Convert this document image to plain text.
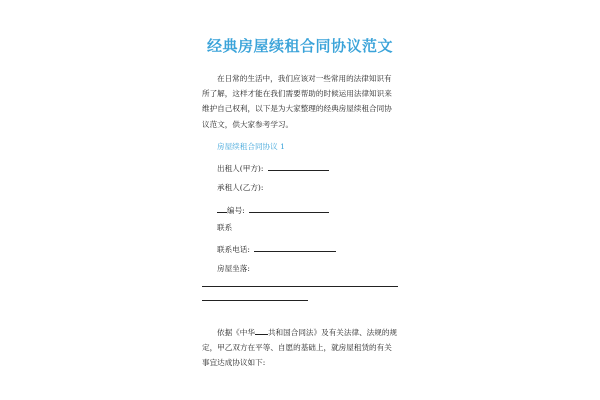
经典房屋续租合同协议范文

在日常的生活中，我们应该对一些常用的法律知识有所了解，这样才能在我们需要帮助的时候运用法律知识来维护自己权利，以下是为大家整理的经典房屋续租合同协议范文，供大家参考学习。

房屋续租合同协议 1

出租人(甲方):
承租人(乙方):
编号:
联系
联系电话:
房屋坐落:

依据《中华 共和国合同法》及有关法律、法规的规定，甲乙双方在平等、自愿的基础上，就房屋租赁的有关事宜达成协议如下:
